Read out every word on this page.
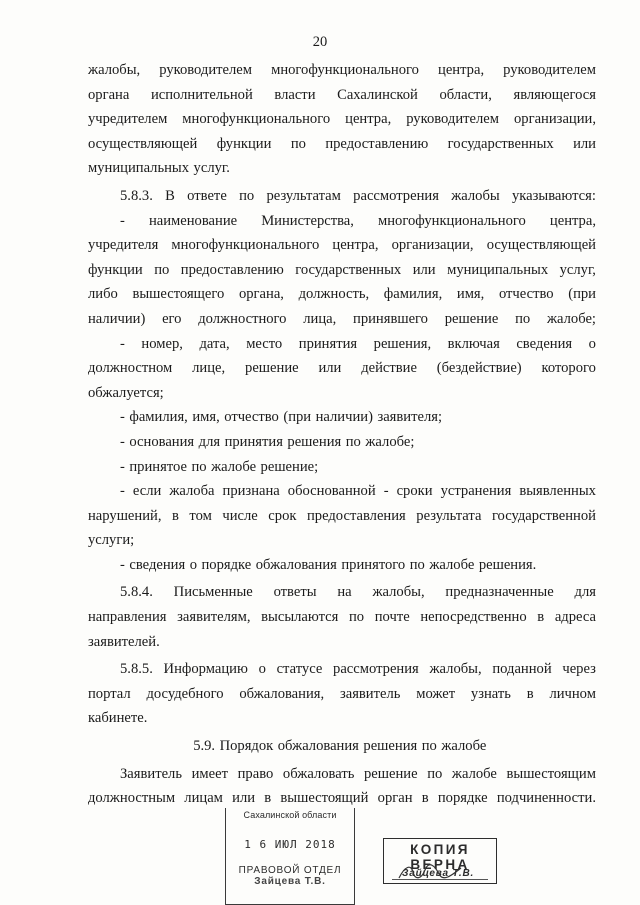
20
жалобы, руководителем многофункционального центра, руководителем
органа исполнительной власти Сахалинской области, являющегося
учредителем многофункционального центра, руководителем организации,
осуществляющей функции по предоставлению государственных или
муниципальных услуг.
5.8.3. В ответе по результатам рассмотрения жалобы указываются:
- наименование Министерства, многофункционального центра,
учредителя многофункционального центра, организации, осуществляющей
функции по предоставлению государственных или муниципальных услуг,
либо вышестоящего органа, должность, фамилия, имя, отчество (при
наличии) его должностного лица, принявшего решение по жалобе;
- номер, дата, место принятия решения, включая сведения о
должностном лице, решение или действие (бездействие) которого
обжалуется;
- фамилия, имя, отчество (при наличии) заявителя;
- основания для принятия решения по жалобе;
- принятое по жалобе решение;
- если жалоба признана обоснованной - сроки устранения выявленных
нарушений, в том числе срок предоставления результата государственной
услуги;
- сведения о порядке обжалования принятого по жалобе решения.
5.8.4. Письменные ответы на жалобы, предназначенные для
направления заявителям, высылаются по почте непосредственно в адреса
заявителей.
5.8.5. Информацию о статусе рассмотрения жалобы, поданной через
портал досудебного обжалования, заявитель может узнать в личном
кабинете.
5.9. Порядок обжалования решения по жалобе
Заявитель имеет право обжаловать решение по жалобе вышестоящим
должностным лицам или в вышестоящий орган в порядке подчиненности.
Сахалинской области
1 6 ИЮЛ 2018
ПРАВОВОЙ ОТДЕЛ
Зайцева Т.В.
КОПИЯ ВЕРНА
Зайцева Т.В.
